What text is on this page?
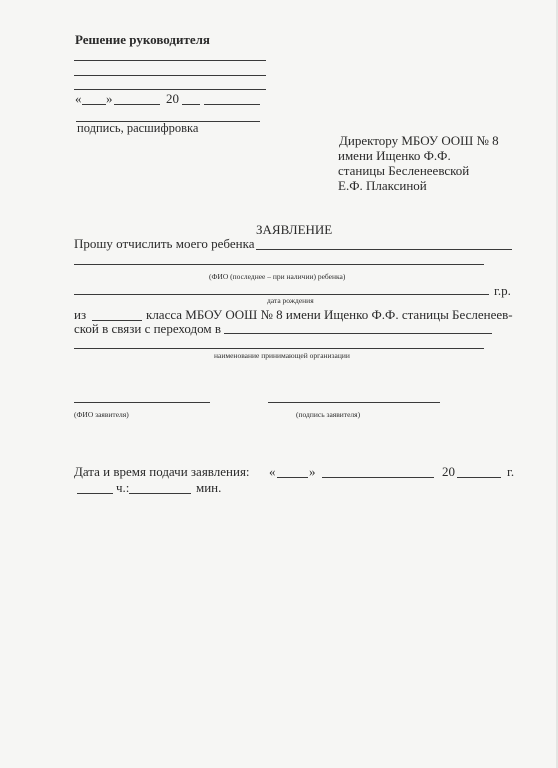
Решение руководителя
« »	20
подпись, расшифровка
Директору МБОУ ООШ № 8
имени Ищенко Ф.Ф.
станицы Бесленеевской
Е.Ф. Плаксиной
ЗАЯВЛЕНИЕ
Прошу отчислить моего ребенка
(ФИО (последнее – при наличии) ребенка)
г.р.
дата рождения
из	класса МБОУ ООШ № 8 имени Ищенко Ф.Ф. станицы Бесленеев-
ской в связи с переходом в
наименование принимающей организации
(ФИО заявителя)	(подпись заявителя)
Дата и время подачи заявления: «	»	20	г.
ч.:	мин.
